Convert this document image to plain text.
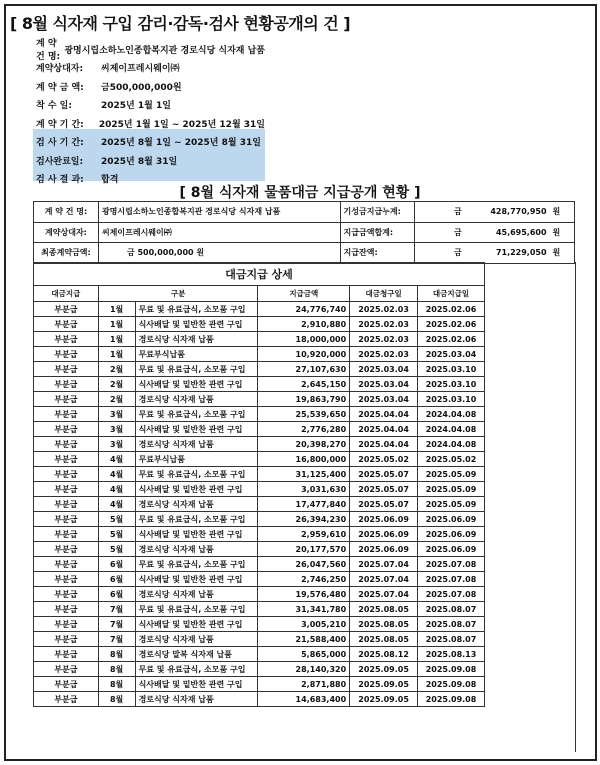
[ 8월 식자재 구입 감리·감독·검사 현황공개의 건 ]
계 약 건 명:
광명시립소하노인종합복지관 경로식당 식자재 납품
계약상대자:	씨제이프레시웨이㈜
계 약 금 액:	금500,000,000원
착 수 일:	2025년 1월 1일
계 약 기 간:	2025년 1월 1일 ~ 2025년 12월 31일
검 사 기 간:	2025년 8월 1일 ~ 2025년 8월 31일
검사완료일:	2025년 8월 31일
검 사 결 과:	합격
[ 8월 식자재 물품대금 지급공개 현황 ]
계 약 건 명:	광명시립소하노인종합복지관 경로식당 식자재 납품	기성금지급누계:	금	428,770,950	원
계약상대자:	씨제이프레시웨이㈜	지급금액합계:	금	45,695,600	원
최종계약금액:	금 500,000,000 원	지급잔액:	금	71,229,050	원
대금지급 상세					
대금지급	구분		지급금액	대금청구일	대금지급일
부분급	1월	무료 및 유료급식, 소모품 구입	24,776,740	2025.02.03	2025.02.06
부분급	1월	식사배달 및 밑반찬 관련 구입	2,910,880	2025.02.03	2025.02.06
부분급	1월	경로식당 식자재 납품	18,000,000	2025.02.03	2025.02.06
부분급	1월	무료부식납품	10,920,000	2025.02.03	2025.03.04
부분급	2월	무료 및 유료급식, 소모품 구입	27,107,630	2025.03.04	2025.03.10
부분급	2월	식사배달 및 밑반찬 관련 구입	2,645,150	2025.03.04	2025.03.10
부분급	2월	경로식당 식자재 납품	19,863,790	2025.03.04	2025.03.10
부분급	3월	무료 및 유료급식, 소모품 구입	25,539,650	2025.04.04	2024.04.08
부분급	3월	식사배달 및 밑반찬 관련 구입	2,776,280	2025.04.04	2024.04.08
부분급	3월	경로식당 식자재 납품	20,398,270	2025.04.04	2024.04.08
부분급	4월	무료부식납품	16,800,000	2025.05.02	2025.05.02
부분급	4월	무료 및 유료급식, 소모품 구입	31,125,400	2025.05.07	2025.05.09
부분급	4월	식사배달 및 밑반찬 관련 구입	3,031,630	2025.05.07	2025.05.09
부분급	4월	경로식당 식자재 납품	17,477,840	2025.05.07	2025.05.09
부분급	5월	무료 및 유료급식, 소모품 구입	26,394,230	2025.06.09	2025.06.09
부분급	5월	식사배달 및 밑반찬 관련 구입	2,959,610	2025.06.09	2025.06.09
부분급	5월	경로식당 식자재 납품	20,177,570	2025.06.09	2025.06.09
부분급	6월	무료 및 유료급식, 소모품 구입	26,047,560	2025.07.04	2025.07.08
부분급	6월	식사배달 및 밑반찬 관련 구입	2,746,250	2025.07.04	2025.07.08
부분급	6월	경로식당 식자재 납품	19,576,480	2025.07.04	2025.07.08
부분급	7월	무료 및 유료급식, 소모품 구입	31,341,780	2025.08.05	2025.08.07
부분급	7월	식사배달 및 밑반찬 관련 구입	3,005,210	2025.08.05	2025.08.07
부분급	7월	경로식당 식자재 납품	21,588,400	2025.08.05	2025.08.07
부분급	8월	경로식당 말복 식자재 납품	5,865,000	2025.08.12	2025.08.13
부분급	8월	무료 및 유료급식, 소모품 구입	28,140,320	2025.09.05	2025.09.08
부분급	8월	식사배달 및 밑반찬 관련 구입	2,871,880	2025.09.05	2025.09.08
부분급	8월	경로식당 식자재 납품	14,683,400	2025.09.05	2025.09.08
